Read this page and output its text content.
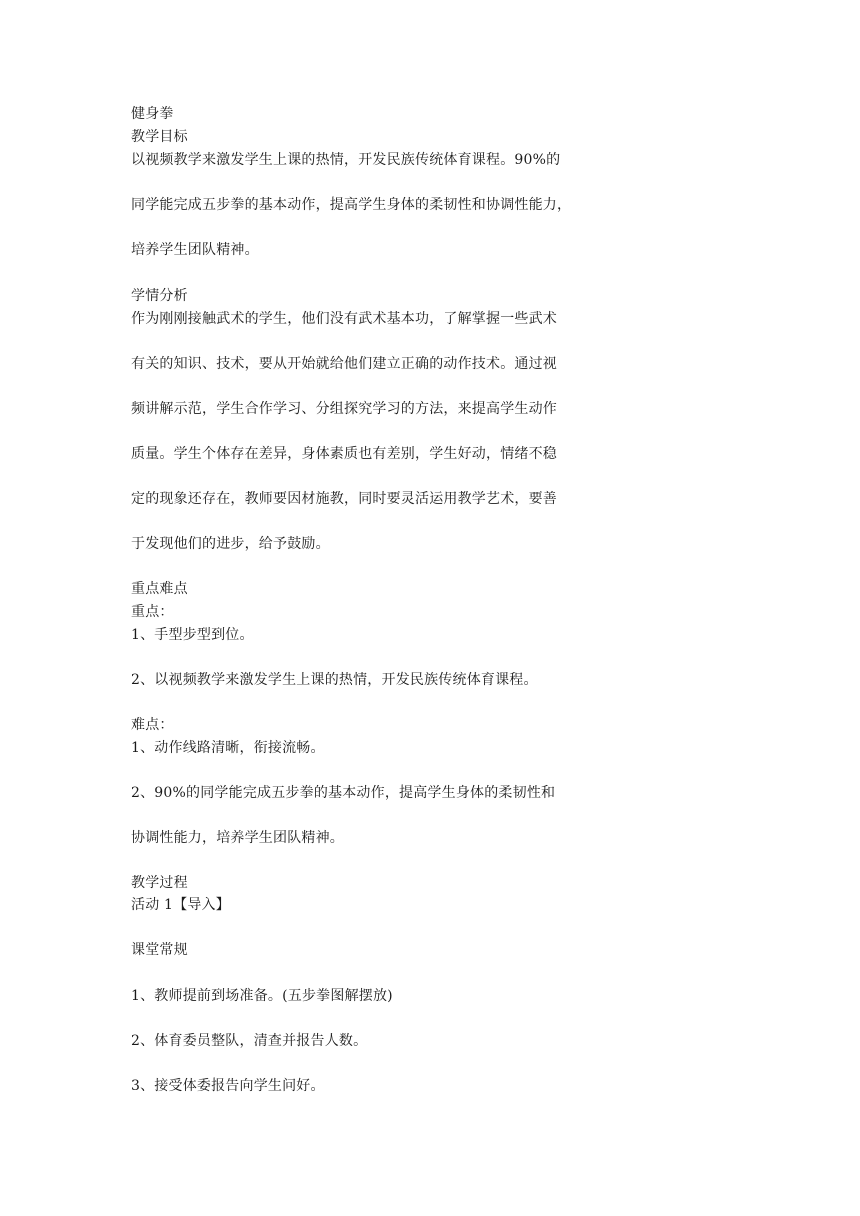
健身拳
教学目标
以视频教学来激发学生上课的热情，开发民族传统体育课程。90%的
同学能完成五步拳的基本动作，提高学生身体的柔韧性和协调性能力，
培养学生团队精神。
学情分析
作为刚刚接触武术的学生，他们没有武术基本功，了解掌握一些武术
有关的知识、技术，要从开始就给他们建立正确的动作技术。通过视
频讲解示范，学生合作学习、分组探究学习的方法，来提高学生动作
质量。学生个体存在差异，身体素质也有差别，学生好动，情绪不稳
定的现象还存在，教师要因材施教，同时要灵活运用教学艺术，要善
于发现他们的进步，给予鼓励。
重点难点
重点：
1、手型步型到位。
2、以视频教学来激发学生上课的热情，开发民族传统体育课程。
难点：
1、动作线路清晰，衔接流畅。
2、90%的同学能完成五步拳的基本动作，提高学生身体的柔韧性和
协调性能力，培养学生团队精神。
教学过程
活动 1【导入】
课堂常规
1、教师提前到场准备。(五步拳图解摆放)
2、体育委员整队，清查并报告人数。
3、接受体委报告向学生问好。
